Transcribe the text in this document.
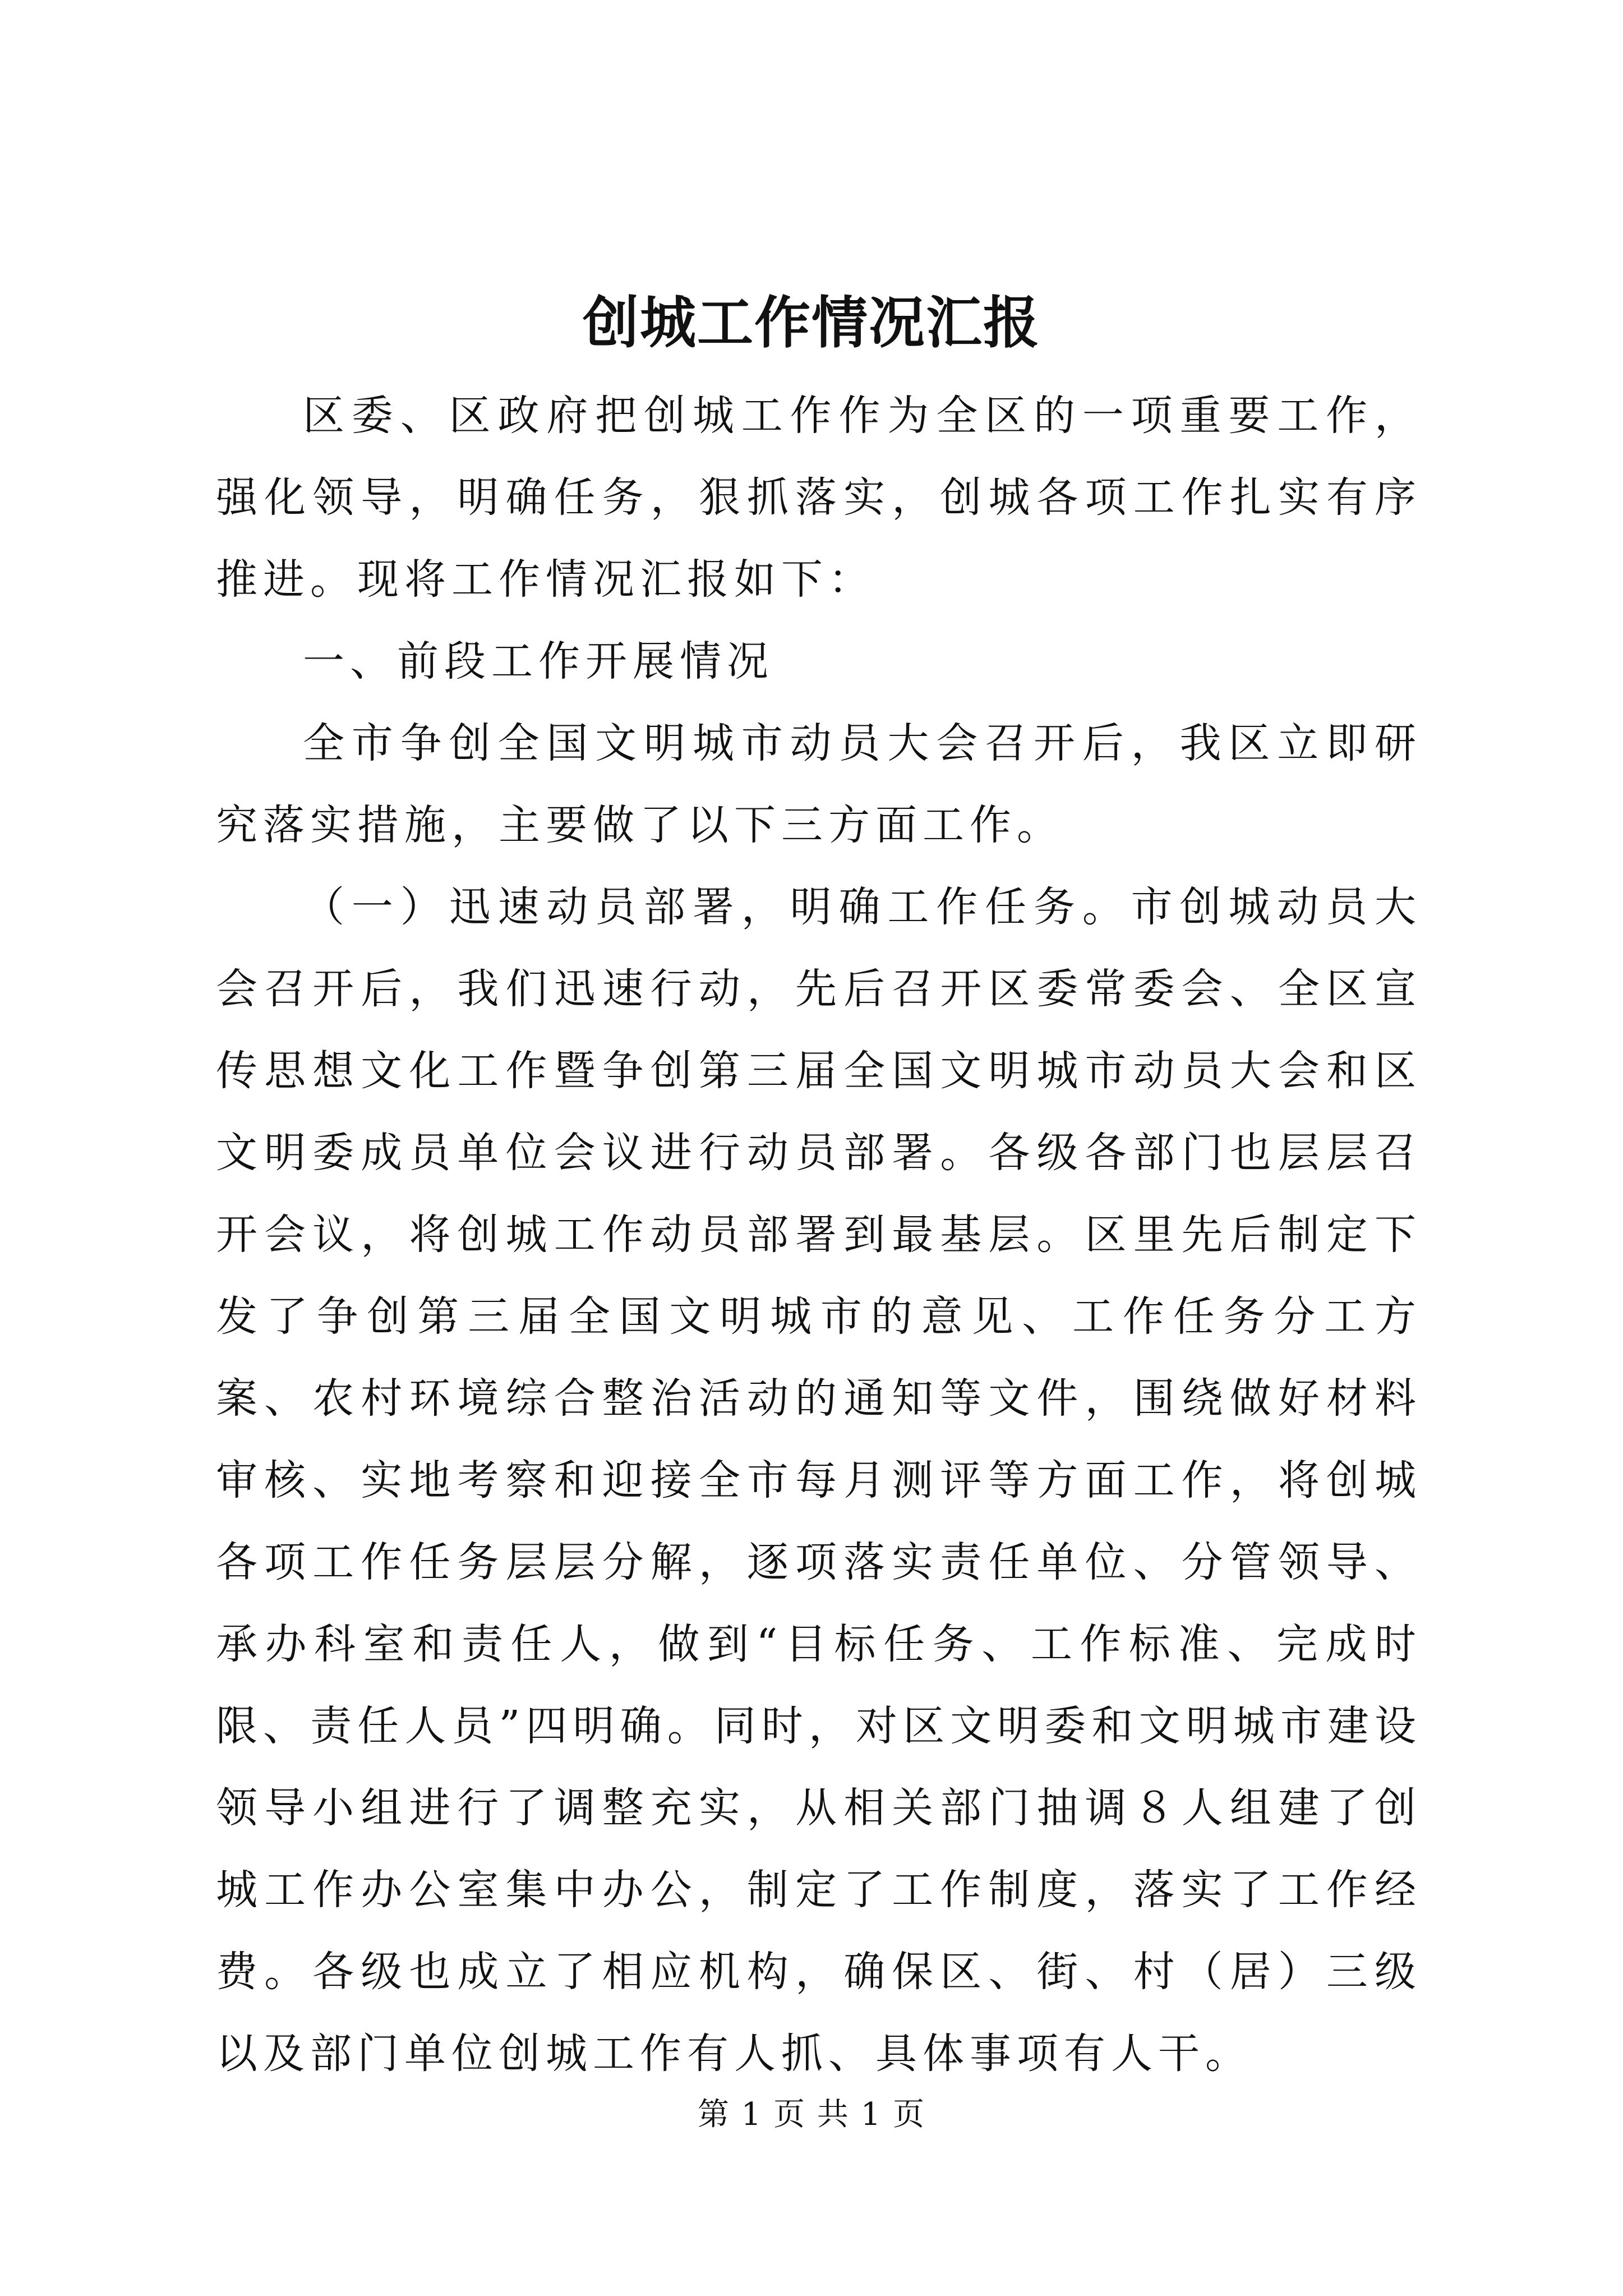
创城工作情况汇报

区委、区政府把创城工作作为全区的一项重要工作，强化领导，明确任务，狠抓落实，创城各项工作扎实有序推进。现将工作情况汇报如下：

一、前段工作开展情况

全市争创全国文明城市动员大会召开后，我区立即研究落实措施，主要做了以下三方面工作。

（一）迅速动员部署，明确工作任务。市创城动员大会召开后，我们迅速行动，先后召开区委常委会、全区宣传思想文化工作暨争创第三届全国文明城市动员大会和区文明委成员单位会议进行动员部署。各级各部门也层层召开会议，将创城工作动员部署到最基层。区里先后制定下发了争创第三届全国文明城市的意见、工作任务分工方案、农村环境综合整治活动的通知等文件，围绕做好材料审核、实地考察和迎接全市每月测评等方面工作，将创城各项工作任务层层分解，逐项落实责任单位、分管领导、承办科室和责任人，做到“目标任务、工作标准、完成时限、责任人员”四明确。同时，对区文明委和文明城市建设领导小组进行了调整充实，从相关部门抽调８人组建了创城工作办公室集中办公，制定了工作制度，落实了工作经费。各级也成立了相应机构，确保区、街、村（居）三级以及部门单位创城工作有人抓、具体事项有人干。

第 1 页 共 1 页
